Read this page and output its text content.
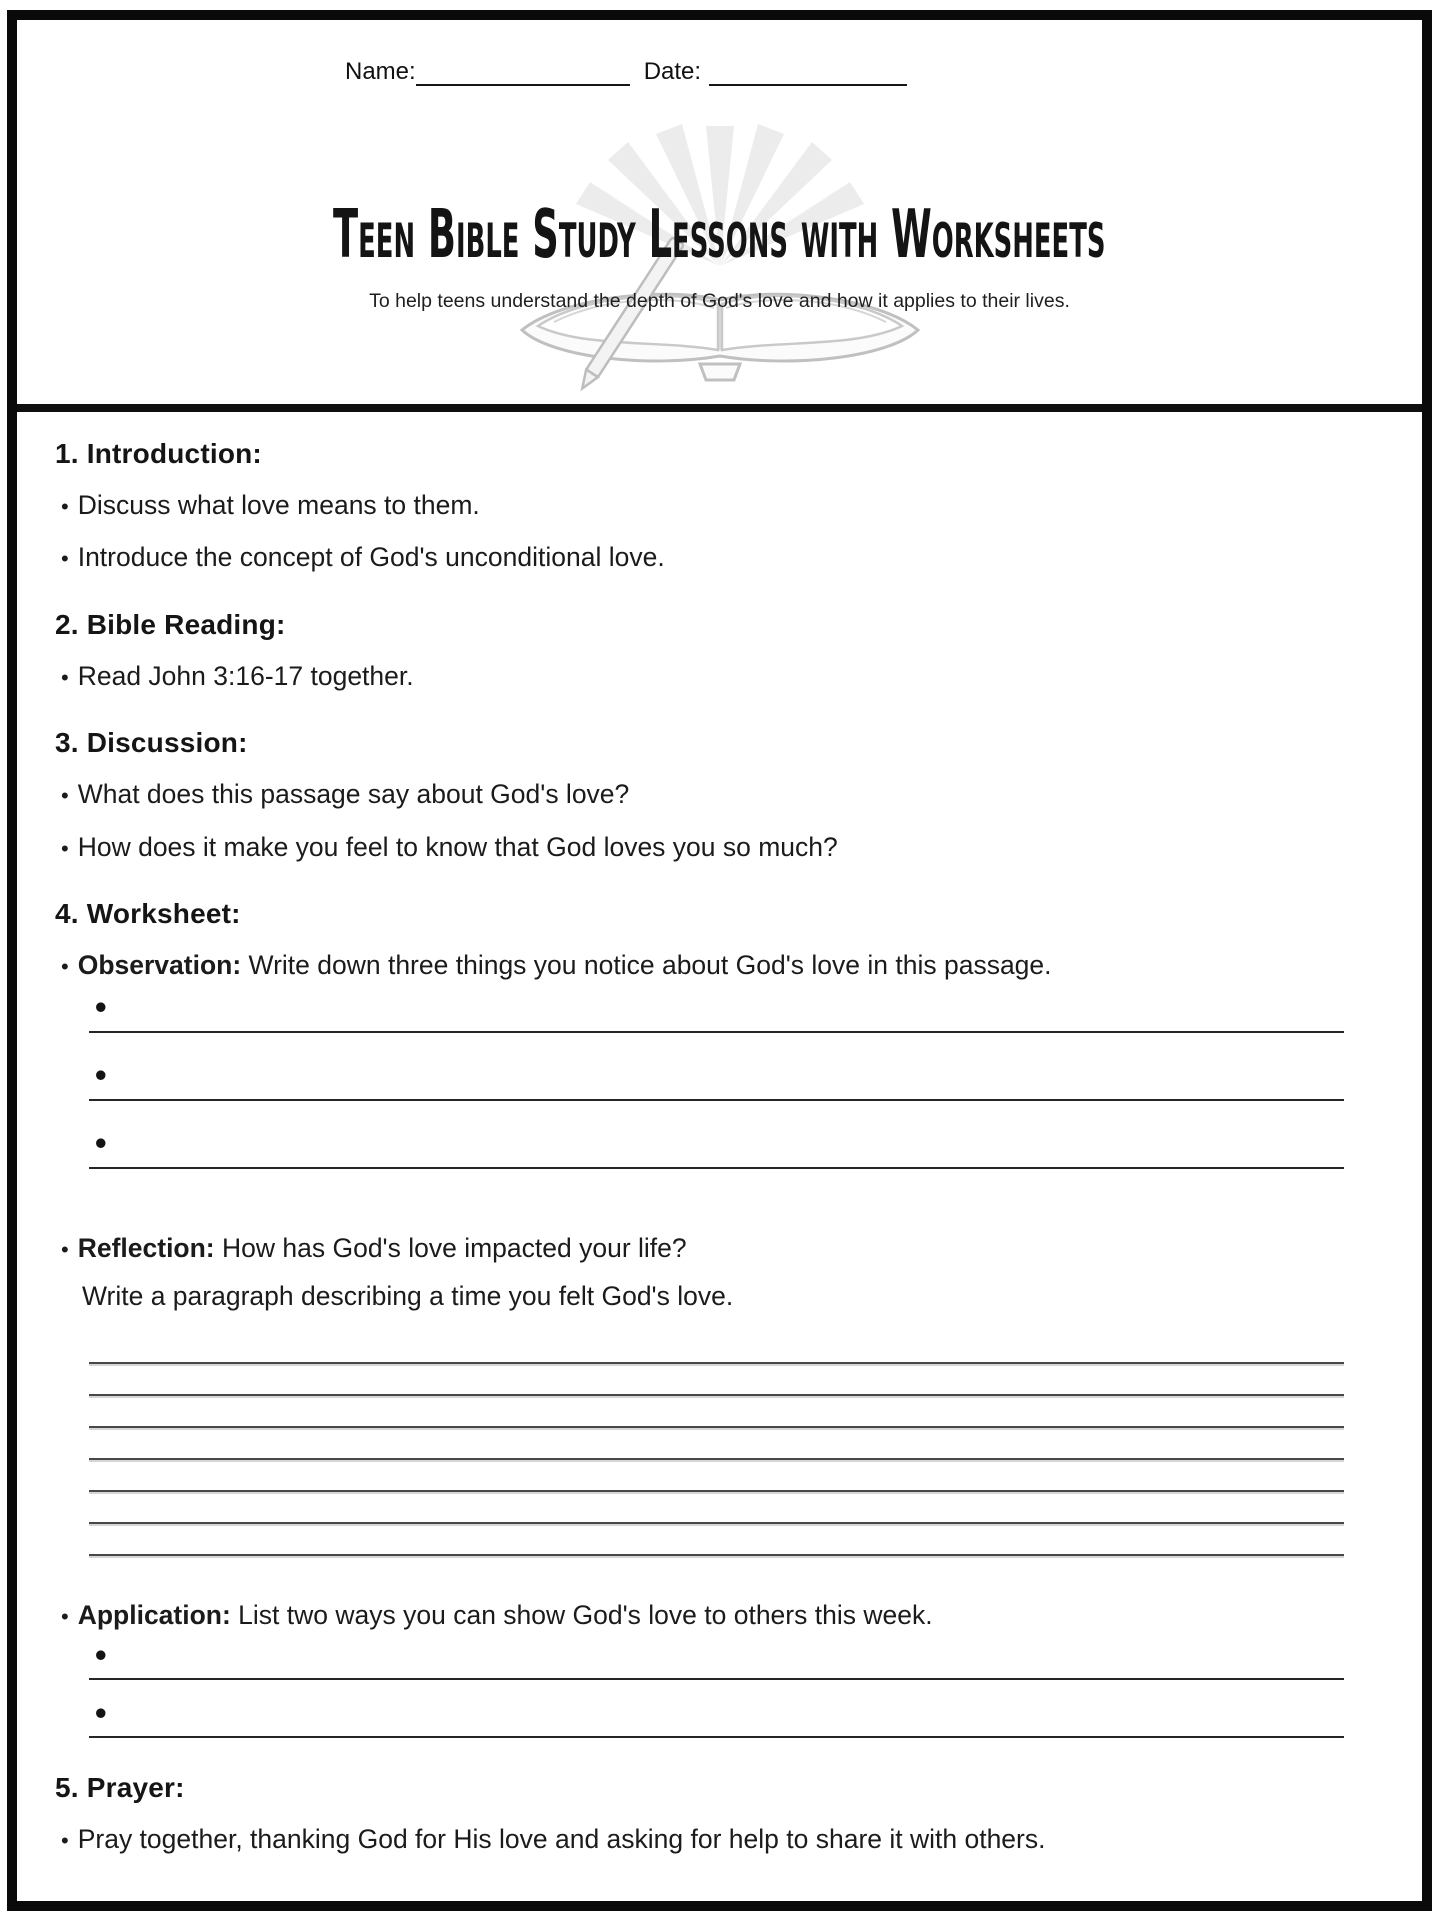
Name:	Date:
Teen Bible Study Lessons with Worksheets
To help teens understand the depth of God's love and how it applies to their lives.
1. Introduction:
• Discuss what love means to them.
• Introduce the concept of God's unconditional love.
2. Bible Reading:
• Read John 3:16-17 together.
3. Discussion:
• What does this passage say about God's love?
• How does it make you feel to know that God loves you so much?
4. Worksheet:
• Observation: Write down three things you notice about God's love in this passage.
•
•
•
• Reflection: How has God's love impacted your life?
Write a paragraph describing a time you felt God's love.
• Application: List two ways you can show God's love to others this week.
•
•
5. Prayer:
• Pray together, thanking God for His love and asking for help to share it with others.
